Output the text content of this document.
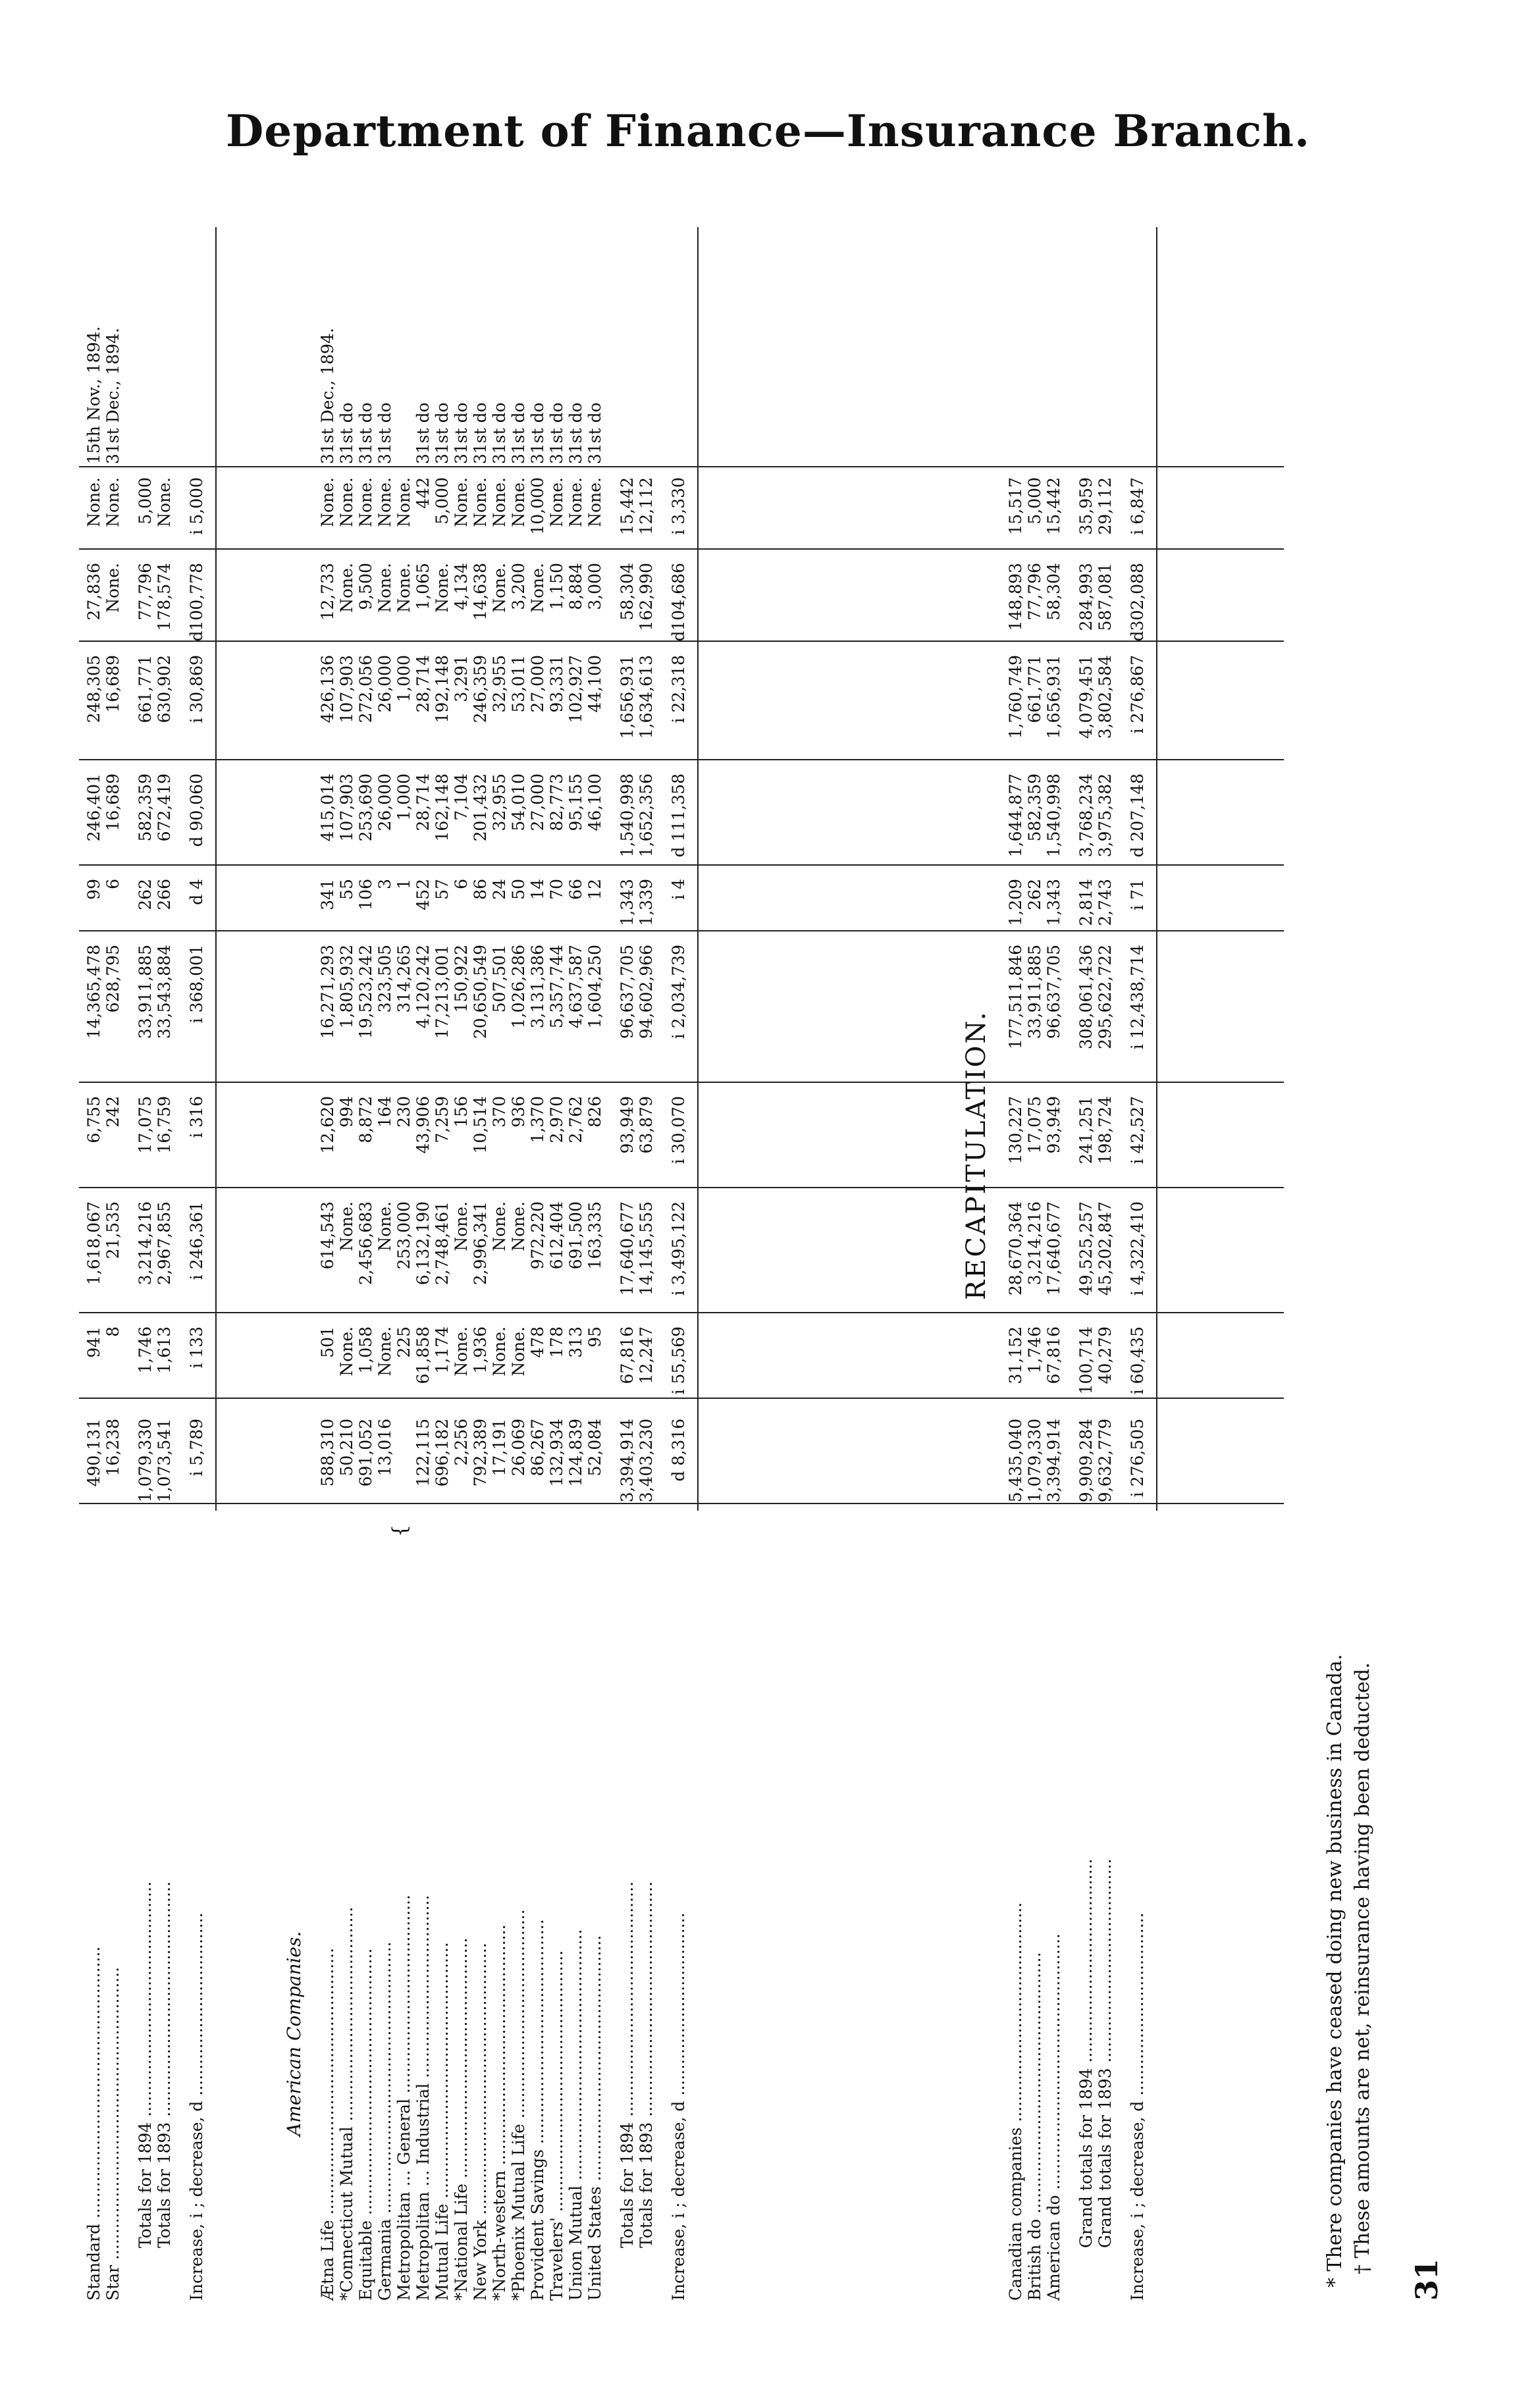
Department of Finance—Insurance Branch.
31
Standard ....................................................
490,131
941
1,618,067
6,755
14,365,478
99
246,401
248,305
27,836
None.
15th Nov., 1894.
Star ........................................................
16,238
8
21,535
242
628,795
6
16,689
16,689
None.
None.
31st Dec., 1894.
Totals for 1894 .............................................
1,079,330
1,746
3,214,216
17,075
33,911,885
262
582,359
661,771
77,796
5,000
Totals for 1893 .............................................
1,073,541
1,613
2,967,855
16,759
33,543,884
266
672,419
630,902
178,574
None.
Increase, i ; decrease, d ...................................
i 5,789
i 133
i 246,361
i 316
i 368,001
d 4
d 90,060
i 30,869
d100,778
i 5,000
American Companies. Ætna Life ...................................................
588,310
501
614,543
12,620
16,271,293
341
415,014
426,136
12,733
None.
31st Dec., 1894.
*Connecticut Mutual .........................................
50,210
None.
None.
994
1,805,932
55
107,903
107,903
None.
None.
31st do
Equitable ...................................................
691,052
1,058
2,456,683
8,872
19,523,242
106
253,690
272,056
9,500
None.
31st do
Germania ....................................................
13,016
None.
None.
164
323,505
3
26,000
26,000
None.
None.
31st do
Metropolitan … General ......................................
225
253,000
230
314,265
1
1,000
1,000
None.
None.
Metropolitan … Industrial ...................................
122,115
61,858
6,132,190
43,906
4,120,242
452
28,714
28,714
1,065
442
31st do
Mutual Life .................................................
696,182
1,174
2,748,461
7,259
17,213,001
57
162,148
192,148
None.
5,000
31st do
*National Life ..............................................
2,256
None.
None.
156
150,922
6
7,104
3,291
4,134
None.
31st do
New York ....................................................
792,389
1,936
2,996,341
10,514
20,650,549
86
201,432
246,359
14,638
None.
31st do
*North-western ..............................................
17,191
None.
None.
370
507,501
24
32,955
32,955
None.
None.
31st do
*Phoenix Mutual Life ........................................
26,069
None.
None.
936
1,026,286
50
54,010
53,011
3,200
None.
31st do
Provident Savings ...........................................
86,267
478
972,220
1,370
3,131,386
14
27,000
27,000
None.
10,000
31st do
Travelers' ..................................................
132,934
178
612,404
2,970
5,357,744
70
82,773
93,331
1,150
None.
31st do
Union Mutual ................................................
124,839
313
691,500
2,762
4,637,587
66
95,155
102,927
8,884
None.
31st do
United States ...............................................
52,084
95
163,335
826
1,604,250
12
46,100
44,100
3,000
None.
31st do
Totals for 1894 .............................................
3,394,914
67,816
17,640,677
93,949
96,637,705
1,343
1,540,998
1,656,931
58,304
15,442
Totals for 1893 .............................................
3,403,230
12,247
14,145,555
63,879
94,602,966
1,339
1,652,356
1,634,613
162,990
12,112
Increase, i ; decrease, d ...................................
d 8,316
i 55,569
i 3,495,122
i 30,070
i 2,034,739
i 4
d 111,358
i 22,318
d104,686
i 3,330
Canadian companies ..........................................
5,435,040
31,152
28,670,364
130,227
177,511,846
1,209
1,644,877
1,760,749
148,893
15,517
British do ..................................................
1,079,330
1,746
3,214,216
17,075
33,911,885
262
582,359
661,771
77,796
5,000
American do .................................................
3,394,914
67,816
17,640,677
93,949
96,637,705
1,343
1,540,998
1,656,931
58,304
15,442
Grand totals for 1894 .......................................
9,909,284
100,714
49,525,257
241,251
308,061,436
2,814
3,768,234
4,079,451
284,993
35,959
Grand totals for 1893 .......................................
9,632,779
40,279
45,202,847
198,724
295,622,722
2,743
3,975,382
3,802,584
587,081
29,112
Increase, i ; decrease, d ...................................
i 276,505
i 60,435
i 4,322,410
i 42,527
i 12,438,714
i 71
d 207,148
i 276,867
d302,088
i 6,847
{
RECAPITULATION.
* There companies have ceased doing new business in Canada. † These amounts are net, reinsurance having been deducted.
